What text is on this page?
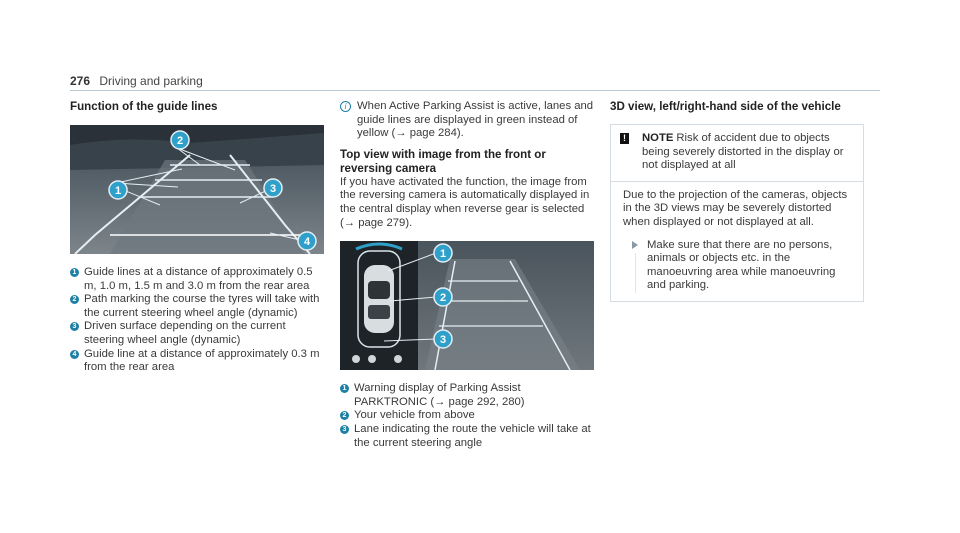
276 Driving and parking
Function of the guide lines
1
2
3
4
1 Guide lines at a distance of approximately 0.5 m, 1.0 m, 1.5 m and 3.0 m from the rear area
2 Path marking the course the tyres will take with the current steering wheel angle (dynamic)
3 Driven surface depending on the current steering wheel angle (dynamic)
4 Guide line at a distance of approximately 0.3 m from the rear area
i When Active Parking Assist is active, lanes and guide lines are displayed in green instead of yellow (→ page 284).

Top view with image from the front or reversing camera

If you have activated the function, the image from the reversing camera is automatically displayed in the central display when reverse gear is selected (→ page 279).

1
2
3
1 Warning display of Parking Assist PARKTRONIC (→ page 292, 280)
2 Your vehicle from above
3 Lane indicating the route the vehicle will take at the current steering angle
3D view, left/right-hand side of the vehicle
! NOTE Risk of accident due to objects being severely distorted in the display or not displayed at all

Due to the projection of the cameras, objects in the 3D views may be severely distorted when displayed or not displayed at all.

Make sure that there are no persons, animals or objects etc. in the manoeuvring area while manoeuvring and parking.
